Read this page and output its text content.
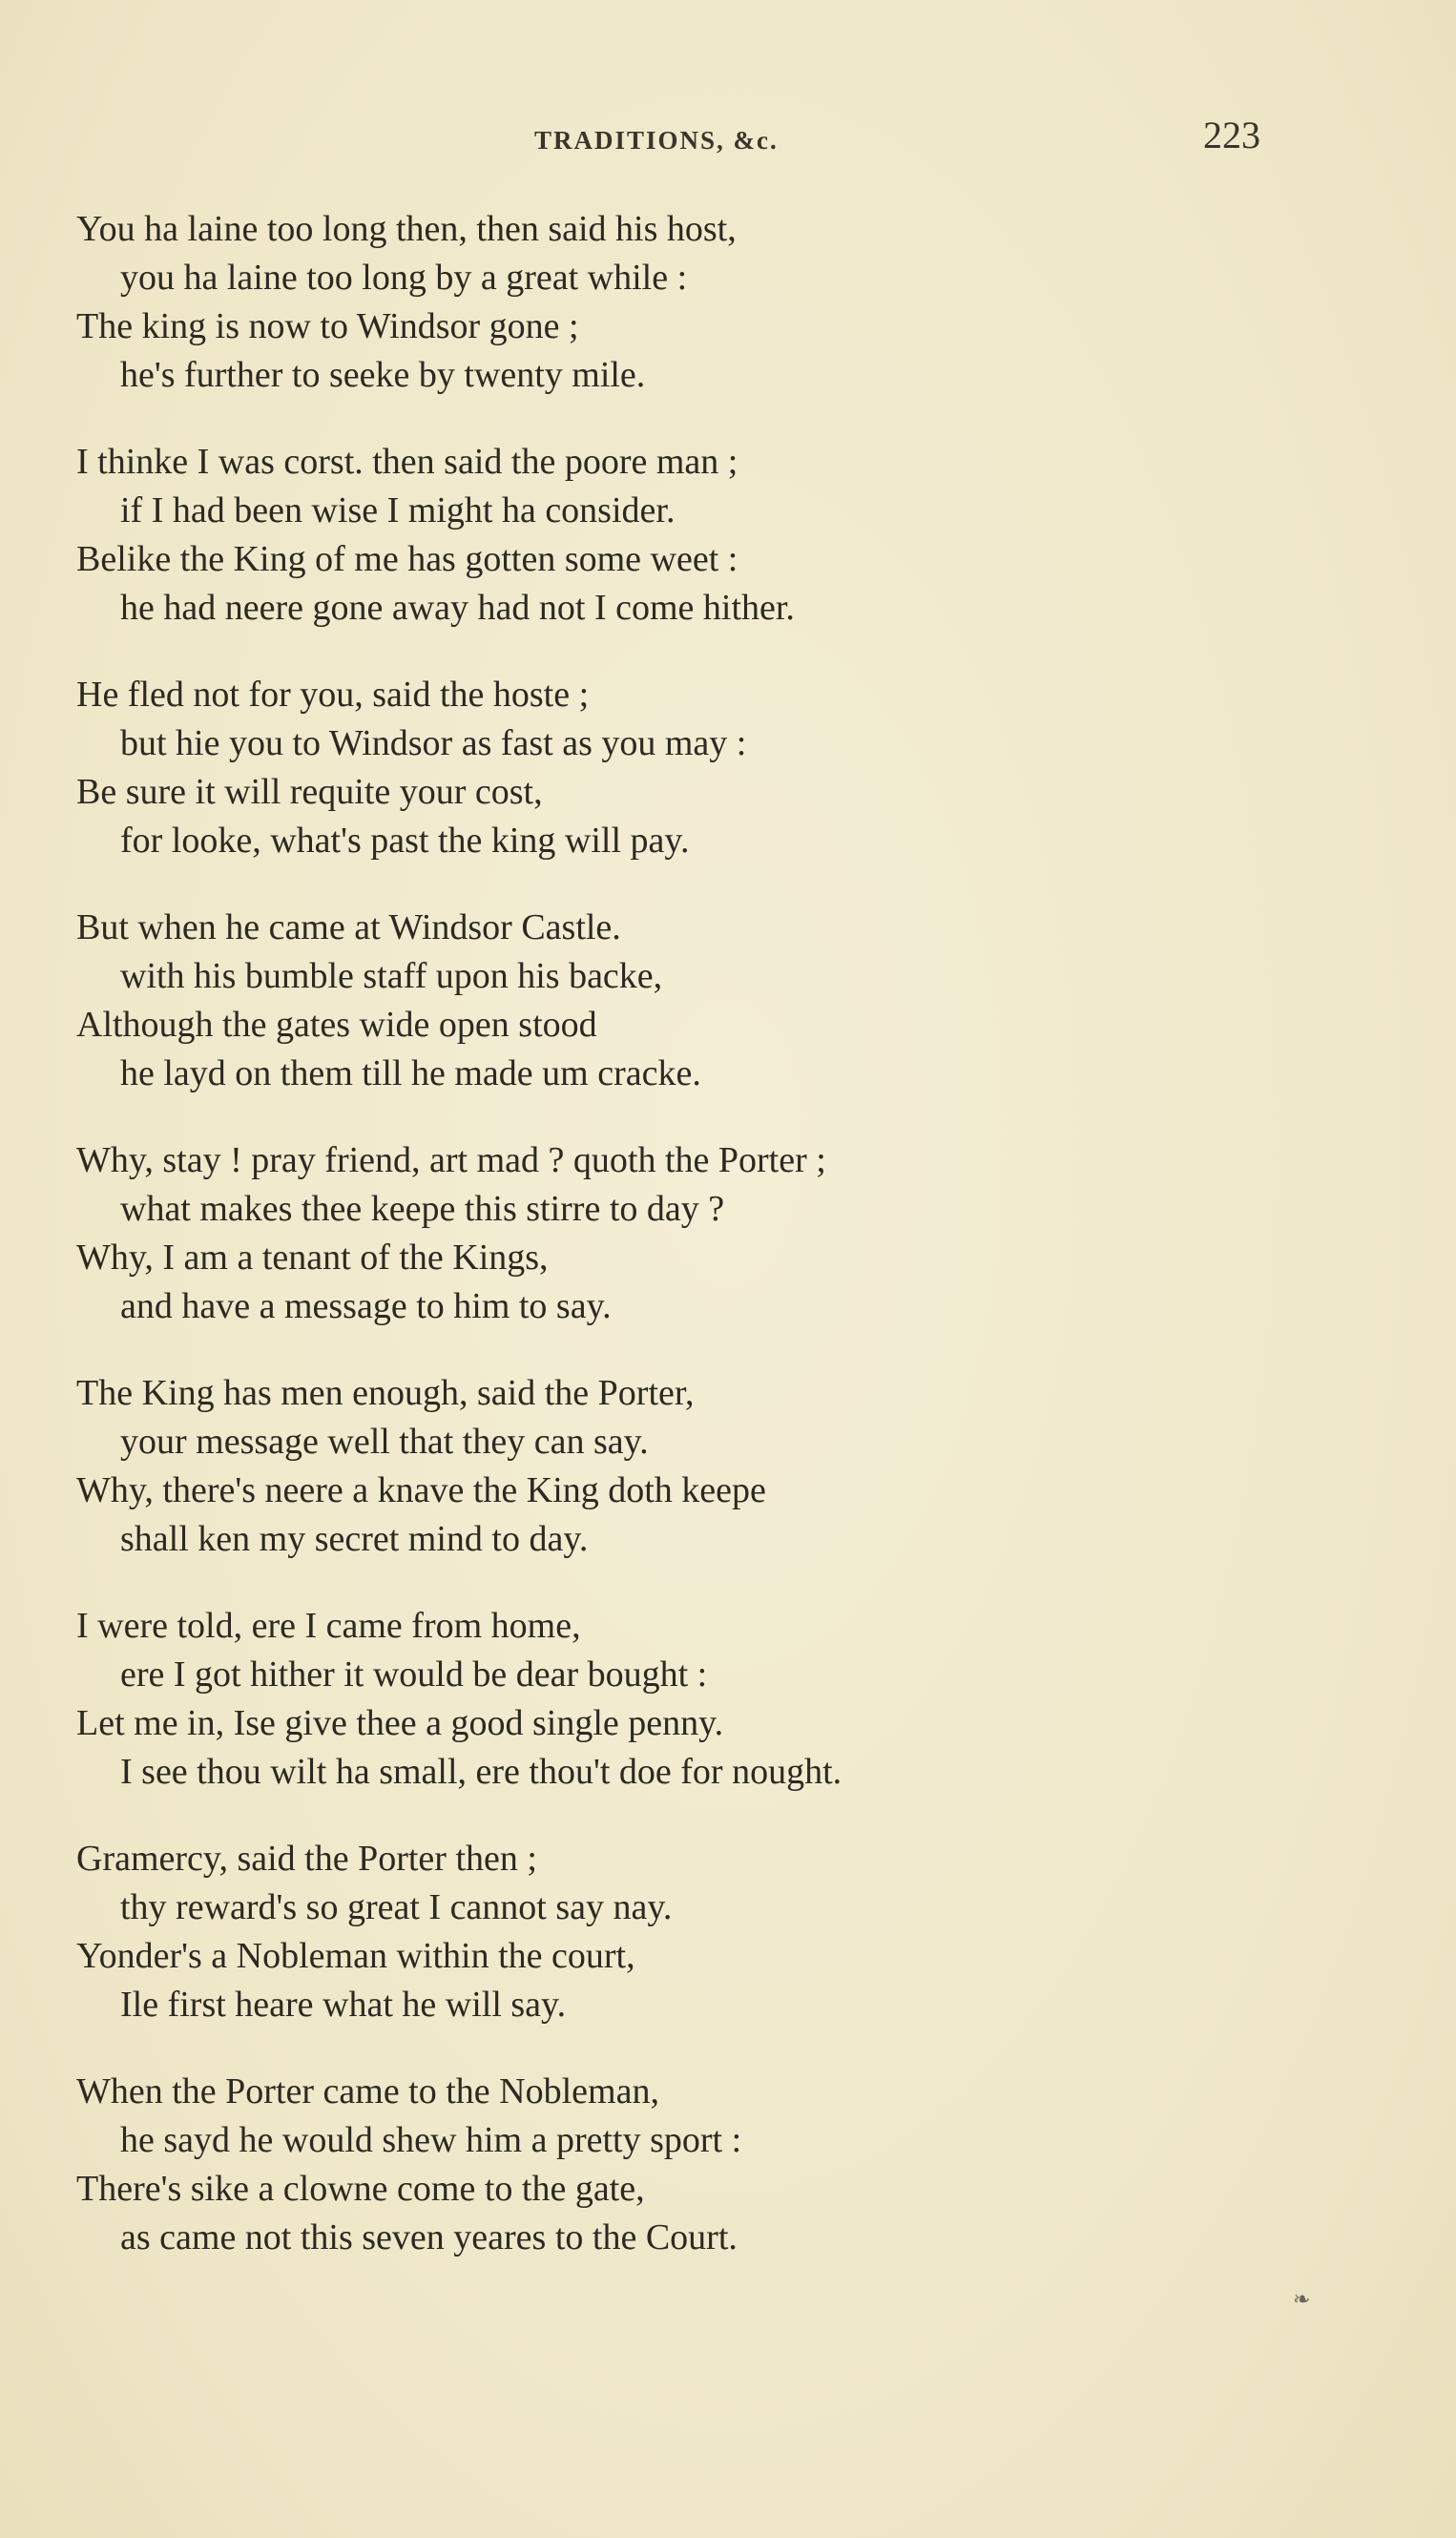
TRADITIONS, &c.	223
You ha laine too long then, then said his host,
you ha laine too long by a great while :
The king is now to Windsor gone ;
he's further to seeke by twenty mile.
I thinke I was corst. then said the poore man ;
if I had been wise I might ha consider.
Belike the King of me has gotten some weet :
he had neere gone away had not I come hither.
He fled not for you, said the hoste ;
but hie you to Windsor as fast as you may :
Be sure it will requite your cost,
for looke, what's past the king will pay.
But when he came at Windsor Castle.
with his bumble staff upon his backe,
Although the gates wide open stood
he layd on them till he made um cracke.
Why, stay ! pray friend, art mad ? quoth the Porter ;
what makes thee keepe this stirre to day ?
Why, I am a tenant of the Kings,
and have a message to him to say.
The King has men enough, said the Porter,
your message well that they can say.
Why, there's neere a knave the King doth keepe
shall ken my secret mind to day.
I were told, ere I came from home,
ere I got hither it would be dear bought :
Let me in, Ise give thee a good single penny.
I see thou wilt ha small, ere thou't doe for nought.
Gramercy, said the Porter then ;
thy reward's so great I cannot say nay.
Yonder's a Nobleman within the court,
Ile first heare what he will say.
When the Porter came to the Nobleman,
he sayd he would shew him a pretty sport :
There's sike a clowne come to the gate,
as came not this seven yeares to the Court.
❧
